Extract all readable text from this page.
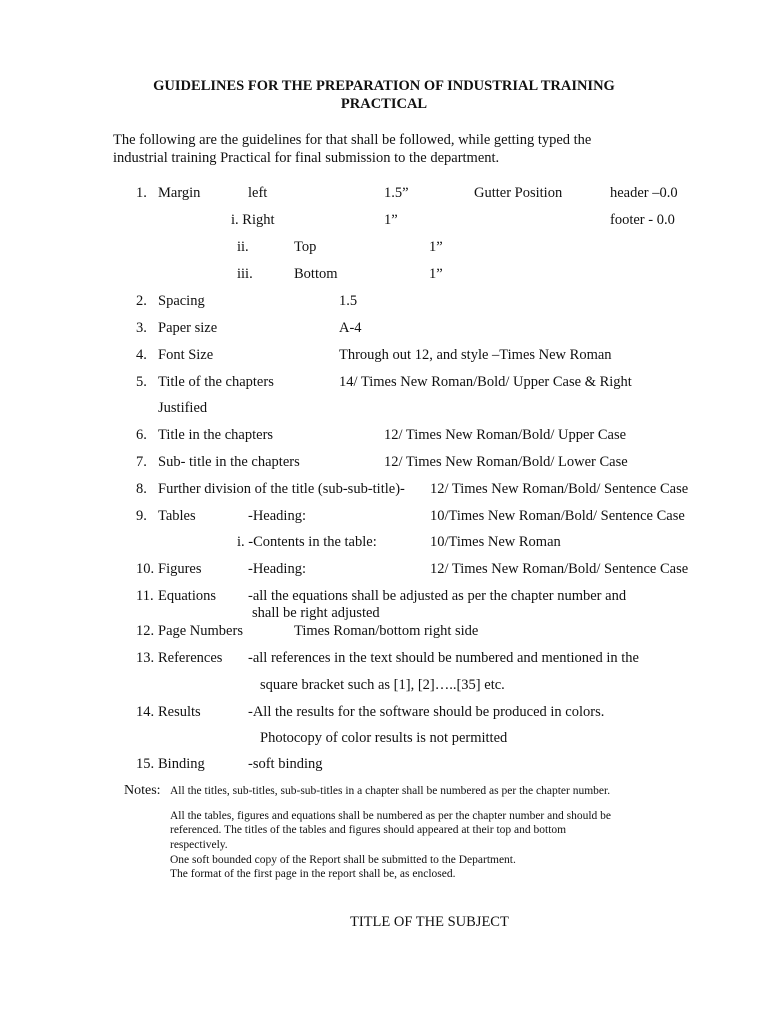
GUIDELINES FOR THE PREPARATION OF INDUSTRIAL TRAINING
PRACTICAL
The following are the guidelines for that shall be followed, while getting typed the
industrial training Practical for final submission to the department.
1. Margin	left	1.5”	Gutter Position	header –0.0
i. Right	1”	footer - 0.0
ii.	Top	1”
iii.	Bottom	1”
2. Spacing	1.5
3. Paper size	A-4
4. Font Size	Through out 12, and style –Times New Roman
5. Title of the chapters	14/ Times New Roman/Bold/ Upper Case & Right
Justified
6. Title in the chapters	12/ Times New Roman/Bold/ Upper Case
7. Sub- title in the chapters	12/ Times New Roman/Bold/ Lower Case
8. Further division of the title (sub-sub-title)- 12/ Times New Roman/Bold/ Sentence Case
9. Tables	-Heading:	10/Times New Roman/Bold/ Sentence Case
i. -Contents in the table:	10/Times New Roman
10. Figures	-Heading:	12/ Times New Roman/Bold/ Sentence Case
11. Equations -all the equations shall be adjusted as per the chapter number and
shall be right adjusted
12. Page Numbers	Times Roman/bottom right side
13. References -all references in the text should be numbered and mentioned in the
square bracket such as [1], [2]…..[35] etc.
14. Results	-All the results for the software should be produced in colors.
Photocopy of color results is not permitted
15. Binding	-soft binding
Notes: All the titles, sub-titles, sub-sub-titles in a chapter shall be numbered as per the chapter number.
All the tables, figures and equations shall be numbered as per the chapter number and should be
referenced. The titles of the tables and figures should appeared at their top and bottom
respectively.
One soft bounded copy of the Report shall be submitted to the Department.
The format of the first page in the report shall be, as enclosed.
TITLE OF THE SUBJECT
